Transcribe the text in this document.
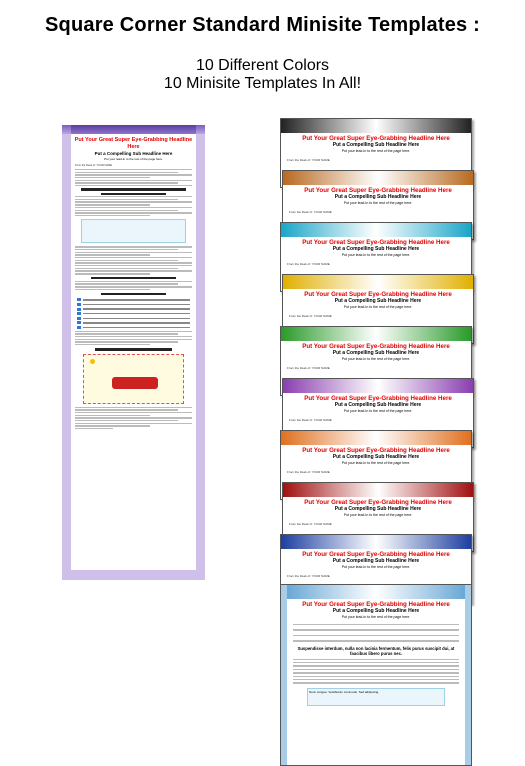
Square Corner Standard Minisite Templates :
10 Different Colors
10 Minisite Templates In All!
Put Your Great Super Eye-Grabbing Headline Here
Put a Compelling Sub Headline Here
Put your lead-in to the rest of the page here.
From the Desk of: YOUR NAME
Put Your Great Super Eye-Grabbing Headline Here
Put a Compelling Sub Headline Here
Put your lead-in to the rest of the page here.
From the Desk of: YOUR NAME
Put Your Great Super Eye-Grabbing Headline Here
Put a Compelling Sub Headline Here
Put your lead-in to the rest of the page here.
From the Desk of: YOUR NAME
Put Your Great Super Eye-Grabbing Headline Here
Put a Compelling Sub Headline Here
Put your lead-in to the rest of the page here.
From the Desk of: YOUR NAME
Put Your Great Super Eye-Grabbing Headline Here
Put a Compelling Sub Headline Here
Put your lead-in to the rest of the page here.
From the Desk of: YOUR NAME
Put Your Great Super Eye-Grabbing Headline Here
Put a Compelling Sub Headline Here
Put your lead-in to the rest of the page here.
From the Desk of: YOUR NAME
Put Your Great Super Eye-Grabbing Headline Here
Put a Compelling Sub Headline Here
Put your lead-in to the rest of the page here.
From the Desk of: YOUR NAME
Put Your Great Super Eye-Grabbing Headline Here
Put a Compelling Sub Headline Here
Put your lead-in to the rest of the page here.
From the Desk of: YOUR NAME
Put Your Great Super Eye-Grabbing Headline Here
Put a Compelling Sub Headline Here
Put your lead-in to the rest of the page here.
From the Desk of: YOUR NAME
Put Your Great Super Eye-Grabbing Headline Here
Put a Compelling Sub Headline Here
Put your lead-in to the rest of the page here.
From the Desk of: YOUR NAME
Put Your Great Super Eye-Grabbing Headline Here
Put a Compelling Sub Headline Here
Put your lead-in to the rest of the page here.
Suspendisse interdum, nulla non lacinia fermentum, felis purus suscipit dui, at faucibus libero purus nec.
Nunc congue: Vestibulum commodo. Sed adipiscing.
